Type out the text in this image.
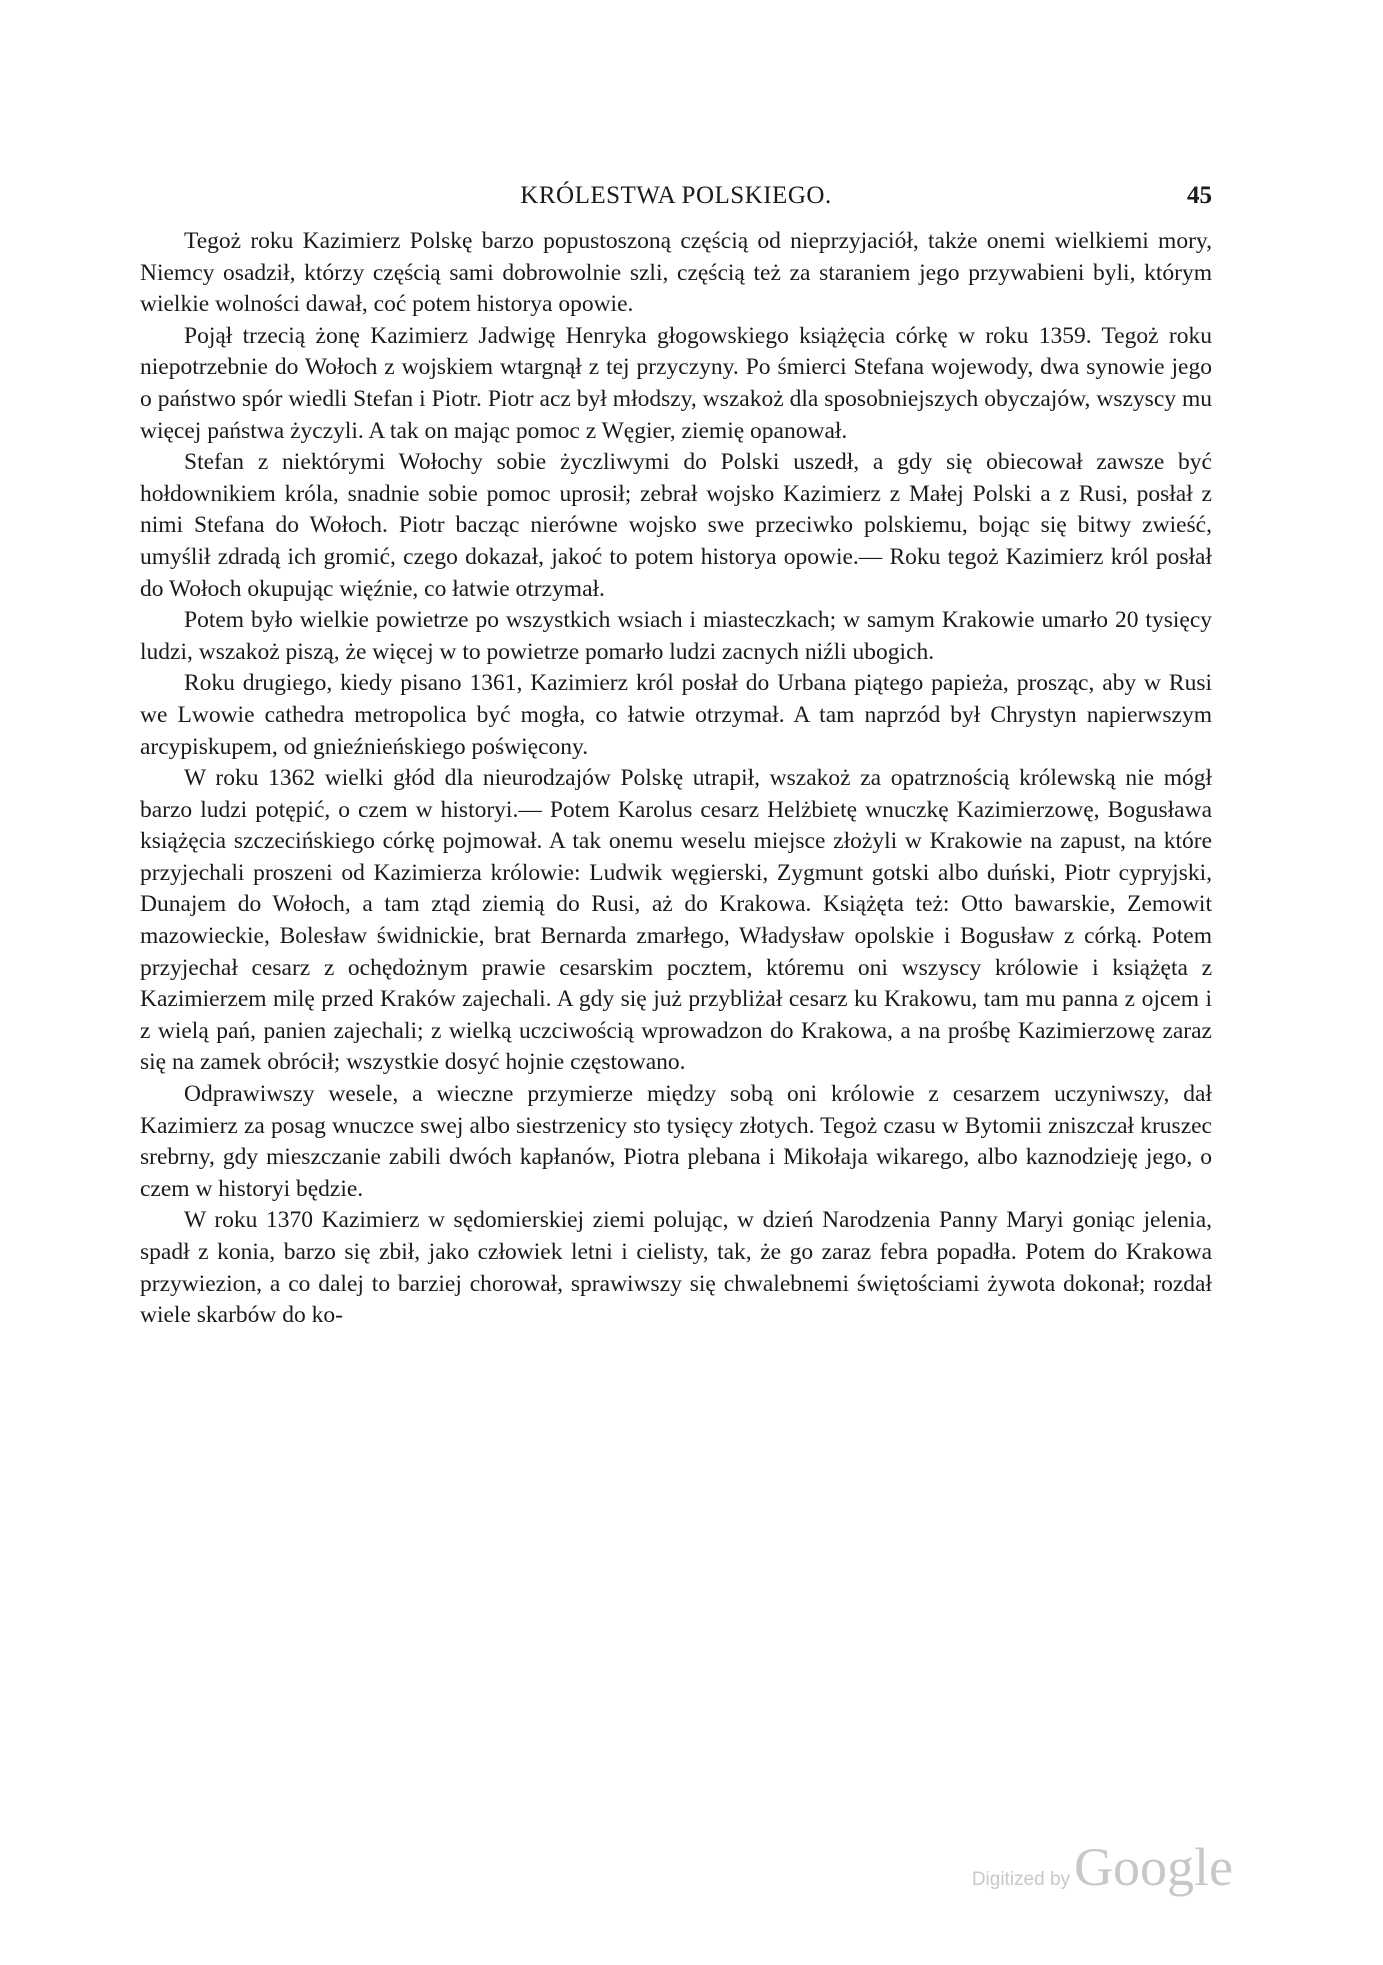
KRÓLESTWA POLSKIEGO.	45

Tegoż roku Kazimierz Polskę barzo popustoszoną częścią od nieprzyjaciół, także onemi wielkiemi mory, Niemcy osadził, którzy częścią sami dobrowolnie szli, częścią też za staraniem jego przywabieni byli, którym wielkie wolności dawał, coć potem historya opowie.

Pojął trzecią żonę Kazimierz Jadwigę Henryka głogowskiego książęcia córkę w roku 1359. Tegoż roku niepotrzebnie do Wołoch z wojskiem wtargnął z tej przyczyny. Po śmierci Stefana wojewody, dwa synowie jego o państwo spór wiedli Stefan i Piotr. Piotr acz był młodszy, wszakoż dla sposobniejszych obyczajów, wszyscy mu więcej państwa życzyli. A tak on mając pomoc z Węgier, ziemię opanował.

Stefan z niektórymi Wołochy sobie życzliwymi do Polski uszedł, a gdy się obiecował zawsze być hołdownikiem króla, snadnie sobie pomoc uprosił; zebrał wojsko Kazimierz z Małej Polski a z Rusi, posłał z nimi Stefana do Wołoch. Piotr bacząc nierówne wojsko swe przeciwko polskiemu, bojąc się bitwy zwieść, umyślił zdradą ich gromić, czego dokazał, jakoć to potem historya opowie.— Roku tegoż Kazimierz król posłał do Wołoch okupując więźnie, co łatwie otrzymał.

Potem było wielkie powietrze po wszystkich wsiach i miasteczkach; w samym Krakowie umarło 20 tysięcy ludzi, wszakoż piszą, że więcej w to powietrze pomarło ludzi zacnych niźli ubogich.

Roku drugiego, kiedy pisano 1361, Kazimierz król posłał do Urbana piątego papieża, prosząc, aby w Rusi we Lwowie cathedra metropolica być mogła, co łatwie otrzymał. A tam naprzód był Chrystyn napierwszym arcypiskupem, od gnieźnieńskiego poświęcony.

W roku 1362 wielki głód dla nieurodzajów Polskę utrapił, wszakoż za opatrznością królewską nie mógł barzo ludzi potępić, o czem w historyi.— Potem Karolus cesarz Helżbietę wnuczkę Kazimierzowę, Bogusława książęcia szczecińskiego córkę pojmował. A tak onemu weselu miejsce złożyli w Krakowie na zapust, na które przyjechali proszeni od Kazimierza królowie: Ludwik węgierski, Zygmunt gotski albo duński, Piotr cypryjski, Dunajem do Wołoch, a tam ztąd ziemią do Rusi, aż do Krakowa. Książęta też: Otto bawarskie, Zemowit mazowieckie, Bolesław świdnickie, brat Bernarda zmarłego, Władysław opolskie i Bogusław z córką. Potem przyjechał cesarz z ochędożnym prawie cesarskim pocztem, któremu oni wszyscy królowie i książęta z Kazimierzem milę przed Kraków zajechali. A gdy się już przybliżał cesarz ku Krakowu, tam mu panna z ojcem i z wielą pań, panien zajechali; z wielką uczciwością wprowadzon do Krakowa, a na prośbę Kazimierzowę zaraz się na zamek obrócił; wszystkie dosyć hojnie częstowano.

Odprawiwszy wesele, a wieczne przymierze między sobą oni królowie z cesarzem uczyniwszy, dał Kazimierz za posag wnuczce swej albo siestrzenicy sto tysięcy złotych. Tegoż czasu w Bytomii zniszczał kruszec srebrny, gdy mieszczanie zabili dwóch kapłanów, Piotra plebana i Mikołaja wikarego, albo kaznodzieję jego, o czem w historyi będzie.

W roku 1370 Kazimierz w sędomierskiej ziemi polując, w dzień Narodzenia Panny Maryi goniąc jelenia, spadł z konia, barzo się zbił, jako człowiek letni i cielisty, tak, że go zaraz febra popadła. Potem do Krakowa przywiezion, a co dalej to barziej chorował, sprawiwszy się chwalebnemi świętościami żywota dokonał; rozdał wiele skarbów do ko-

Digitized by Google
